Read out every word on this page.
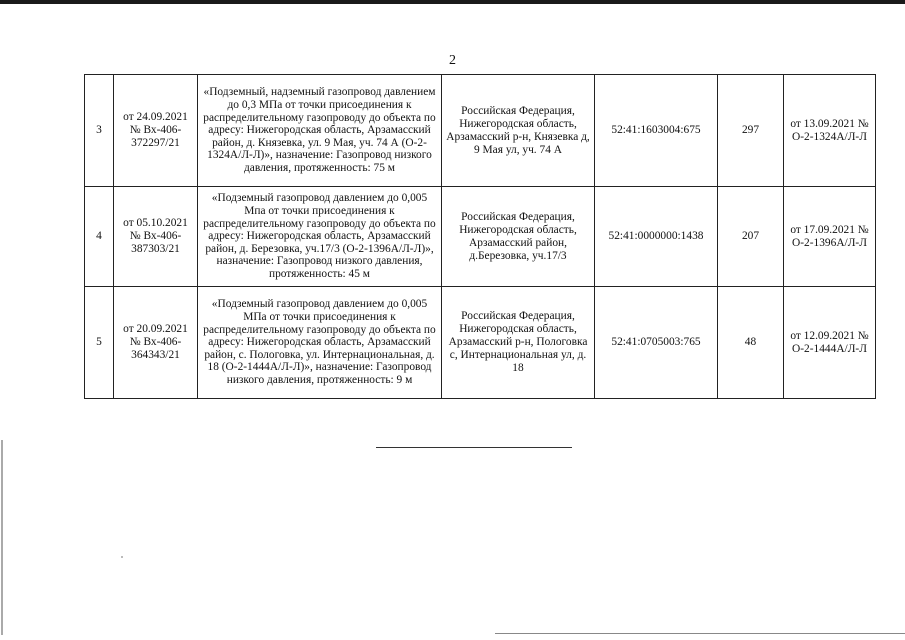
2
3	от 24.09.2021 № Вх-406-372297/21	«Подземный, надземный газопровод давлением до 0,3 МПа от точки присоединения к распределительному газопроводу до объекта по адресу: Нижегородская область, Арзамасский район, д. Князевка, ул. 9 Мая, уч. 74 А (О-2-1324А/Л-Л)», назначение: Газопровод низкого давления, протяженность: 75 м	Российская Федерация, Нижегородская область, Арзамасский р-н, Князевка д, 9 Мая ул, уч. 74 А	52:41:1603004:675	297	от 13.09.2021 № О-2-1324А/Л-Л
4	от 05.10.2021 № Вх-406-387303/21	«Подземный газопровод давлением до 0,005 Мпа от точки присоединения к распределительному газопроводу до объекта по адресу: Нижегородская область, Арзамасский район, д. Березовка, уч.17/3 (О-2-1396А/Л-Л)», назначение: Газопровод низкого давления, протяженность: 45 м	Российская Федерация, Нижегородская область, Арзамасский район, д.Березовка, уч.17/3	52:41:0000000:1438	207	от 17.09.2021 № О-2-1396А/Л-Л
5	от 20.09.2021 № Вх-406-364343/21	«Подземный газопровод давлением до 0,005 МПа от точки присоединения к распределительному газопроводу до объекта по адресу: Нижегородская область, Арзамасский район, с. Пологовка, ул. Интернациональная, д. 18 (О-2-1444А/Л-Л)», назначение: Газопровод низкого давления, протяженность: 9 м	Российская Федерация, Нижегородская область, Арзамасский р-н, Пологовка с, Интернациональная ул, д. 18	52:41:0705003:765	48	от 12.09.2021 № О-2-1444А/Л-Л
